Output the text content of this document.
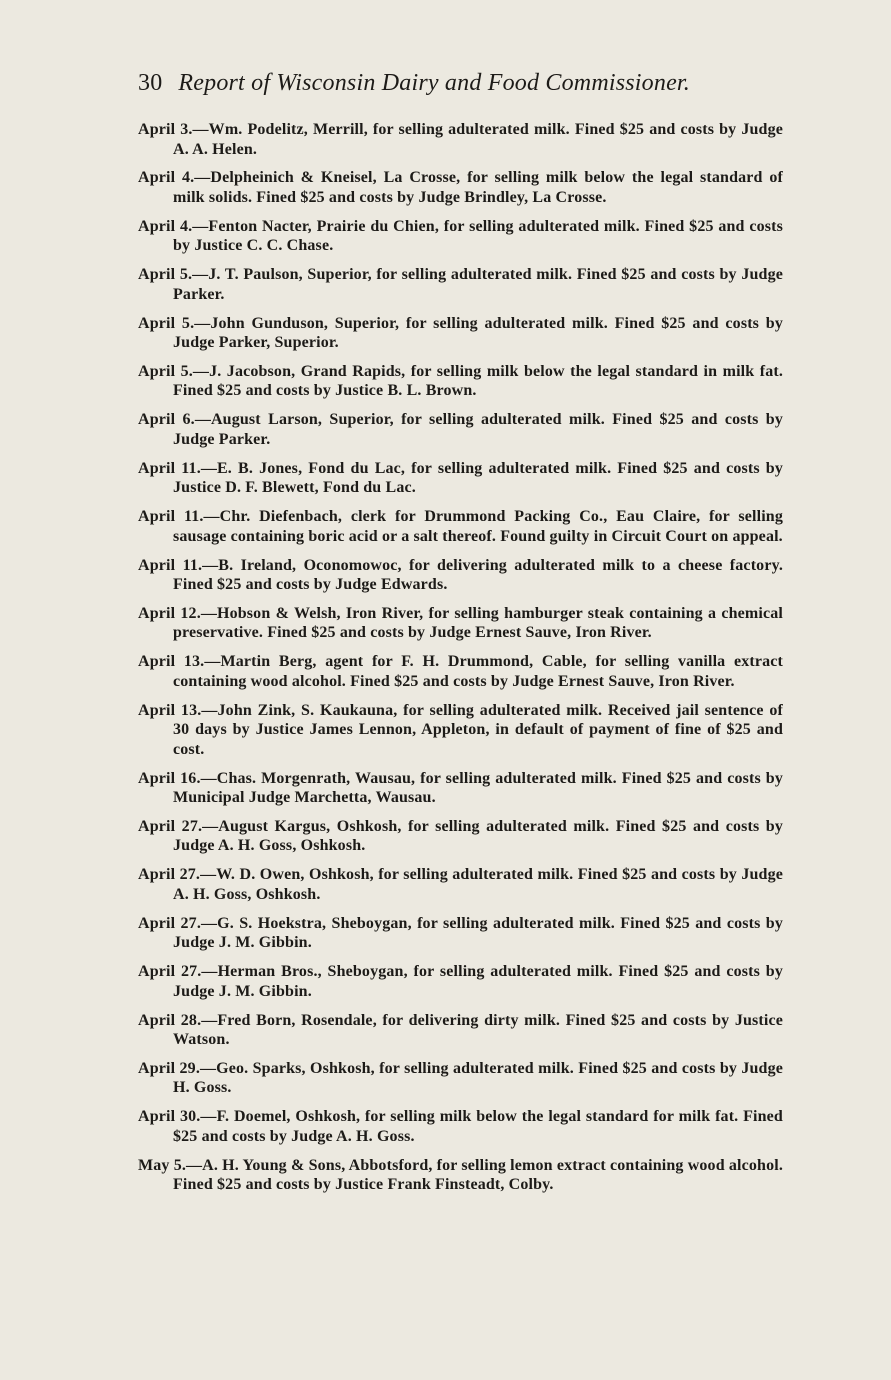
30 Report of Wisconsin Dairy and Food Commissioner.

April 3.—Wm. Podelitz, Merrill, for selling adulterated milk. Fined $25 and costs by Judge A. A. Helen.

April 4.—Delpheinich & Kneisel, La Crosse, for selling milk below the legal standard of milk solids. Fined $25 and costs by Judge Brindley, La Crosse.

April 4.—Fenton Nacter, Prairie du Chien, for selling adulterated milk. Fined $25 and costs by Justice C. C. Chase.

April 5.—J. T. Paulson, Superior, for selling adulterated milk. Fined $25 and costs by Judge Parker.

April 5.—John Gunduson, Superior, for selling adulterated milk. Fined $25 and costs by Judge Parker, Superior.

April 5.—J. Jacobson, Grand Rapids, for selling milk below the legal standard in milk fat. Fined $25 and costs by Justice B. L. Brown.

April 6.—August Larson, Superior, for selling adulterated milk. Fined $25 and costs by Judge Parker.

April 11.—E. B. Jones, Fond du Lac, for selling adulterated milk. Fined $25 and costs by Justice D. F. Blewett, Fond du Lac.

April 11.—Chr. Diefenbach, clerk for Drummond Packing Co., Eau Claire, for selling sausage containing boric acid or a salt thereof. Found guilty in Circuit Court on appeal.

April 11.—B. Ireland, Oconomowoc, for delivering adulterated milk to a cheese factory. Fined $25 and costs by Judge Edwards.

April 12.—Hobson & Welsh, Iron River, for selling hamburger steak containing a chemical preservative. Fined $25 and costs by Judge Ernest Sauve, Iron River.

April 13.—Martin Berg, agent for F. H. Drummond, Cable, for selling vanilla extract containing wood alcohol. Fined $25 and costs by Judge Ernest Sauve, Iron River.

April 13.—John Zink, S. Kaukauna, for selling adulterated milk. Received jail sentence of 30 days by Justice James Lennon, Appleton, in default of payment of fine of $25 and cost.

April 16.—Chas. Morgenrath, Wausau, for selling adulterated milk. Fined $25 and costs by Municipal Judge Marchetta, Wausau.

April 27.—August Kargus, Oshkosh, for selling adulterated milk. Fined $25 and costs by Judge A. H. Goss, Oshkosh.

April 27.—W. D. Owen, Oshkosh, for selling adulterated milk. Fined $25 and costs by Judge A. H. Goss, Oshkosh.

April 27.—G. S. Hoekstra, Sheboygan, for selling adulterated milk. Fined $25 and costs by Judge J. M. Gibbin.

April 27.—Herman Bros., Sheboygan, for selling adulterated milk. Fined $25 and costs by Judge J. M. Gibbin.

April 28.—Fred Born, Rosendale, for delivering dirty milk. Fined $25 and costs by Justice Watson.

April 29.—Geo. Sparks, Oshkosh, for selling adulterated milk. Fined $25 and costs by Judge H. Goss.

April 30.—F. Doemel, Oshkosh, for selling milk below the legal standard for milk fat. Fined $25 and costs by Judge A. H. Goss.

May 5.—A. H. Young & Sons, Abbotsford, for selling lemon extract containing wood alcohol. Fined $25 and costs by Justice Frank Finsteadt, Colby.
